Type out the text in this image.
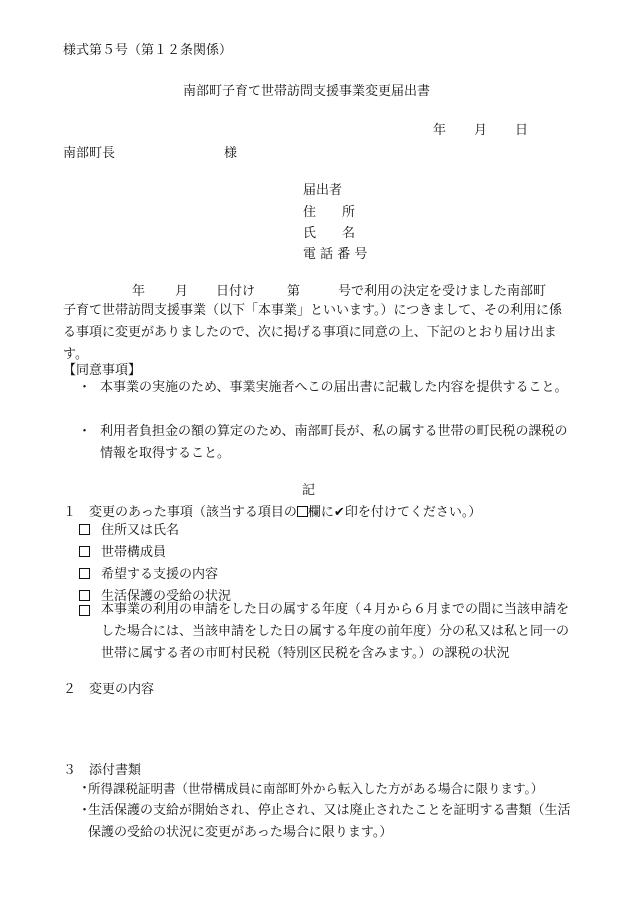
様式第５号（第１２条関係）
南部町子育て世帯訪問支援事業変更届出書
年 月 日
南部町長	様
届出者
住　　所
氏　　名
電 話 番 号
年 月 日付け 第	号で利用の決定を受けました南部町
子育て世帯訪問支援事業（以下「本事業」といいます。）につきまして、その利用に係る事項に変更がありましたので、次に掲げる事項に同意の上、下記のとおり届け出ます。
【同意事項】
・ 本事業の実施のため、事業実施者へこの届出書に記載した内容を提供すること。
・ 利用者負担金の額の算定のため、南部町長が、私の属する世帯の町民税の課税の情報を取得すること。
記
１ 変更のあった事項（該当する項目の 欄に✔印を付けてください。）
住所又は氏名
世帯構成員
希望する支援の内容
生活保護の受給の状況
本事業の利用の申請をした日の属する年度（４月から６月までの間に当該申請をした場合には、当該申請をした日の属する年度の前年度）分の私又は私と同一の世帯に属する者の市町村民税（特別区民税を含みます。）の課税の状況
２ 変更の内容
３ 添付書類
・
所得課税証明書（世帯構成員に南部町外から転入した方がある場合に限ります。）
・
生活保護の支給が開始され、停止され、又は廃止されたことを証明する書類（生活保護の受給の状況に変更があった場合に限ります。）
